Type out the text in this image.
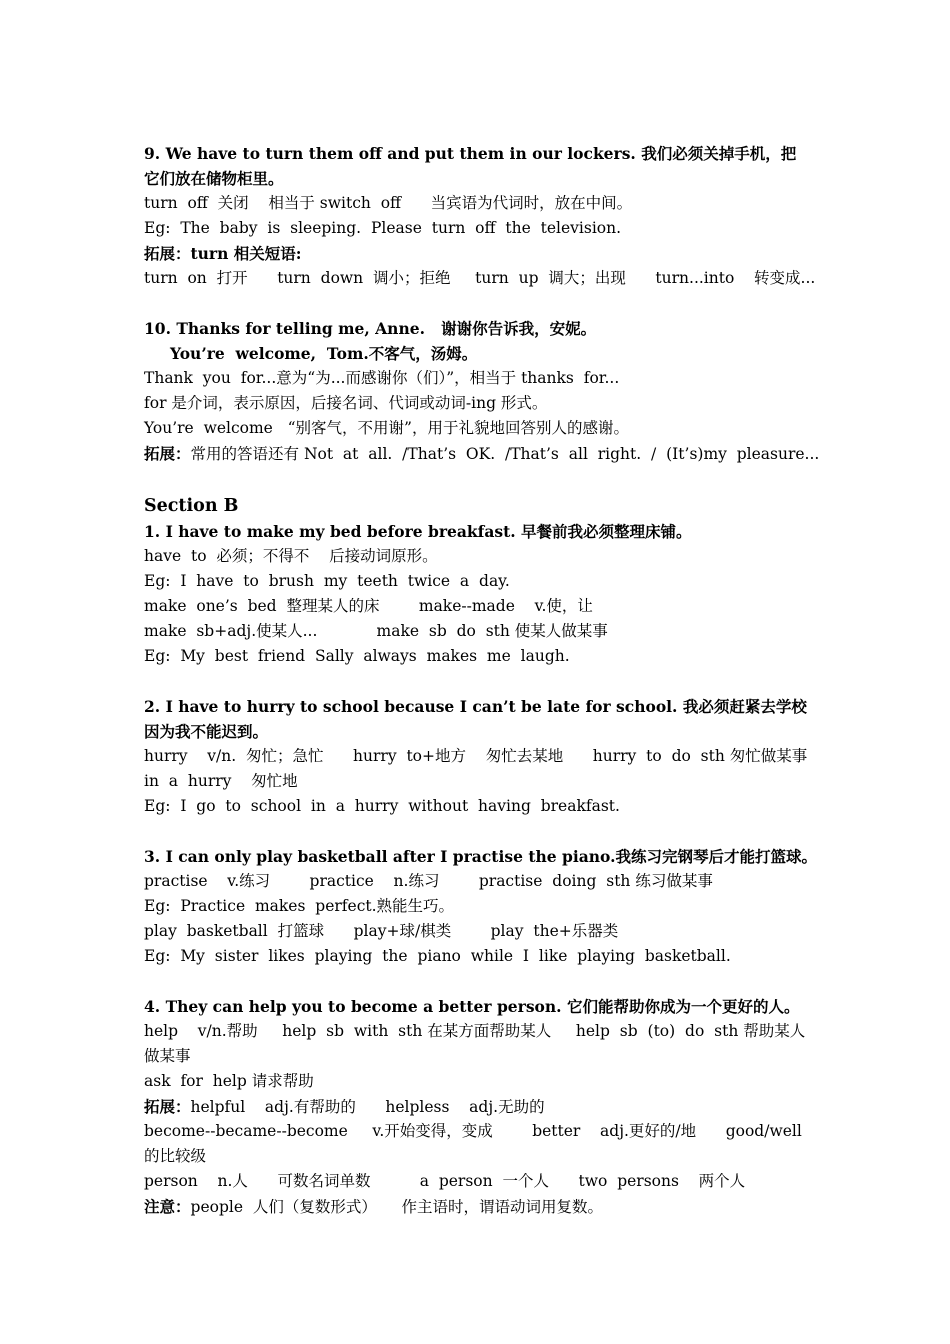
9. We have to turn them off and put them in our lockers. 我们必须关掉手机，把它们放在储物柜里。
turn  off  关闭    相当于 switch  off      当宾语为代词时，放在中间。
Eg:  The  baby  is  sleeping.  Please  turn  off  the  television.
拓展：turn 相关短语:
turn  on  打开      turn  down  调小；拒绝     turn  up  调大；出现      turn...into    转变成...
10. Thanks for telling me, Anne.   谢谢你告诉我，安妮。
You’re  welcome,  Tom.不客气，汤姆。
Thank  you  for...意为“为...而感谢你（们）”，相当于 thanks  for...
for 是介词，表示原因，后接名词、代词或动词-ing 形式。
You’re  welcome   “别客气，不用谢”，用于礼貌地回答别人的感谢。
拓展：常用的答语还有 Not  at  all.  /That’s  OK.  /That’s  all  right.  /  (It’s)my  pleasure...
Section B
1. I have to make my bed before breakfast. 早餐前我必须整理床铺。
have  to  必须；不得不    后接动词原形。
Eg:  I  have  to  brush  my  teeth  twice  a  day.
make  one’s  bed  整理某人的床        make--made    v.使，让
make  sb+adj.使某人...            make  sb  do  sth 使某人做某事
Eg:  My  best  friend  Sally  always  makes  me  laugh.
2. I have to hurry to school because I can’t be late for school. 我必须赶紧去学校因为我不能迟到。
hurry    v/n.  匆忙；急忙      hurry  to+地方    匆忙去某地      hurry  to  do  sth 匆忙做某事
in  a  hurry    匆忙地
Eg:  I  go  to  school  in  a  hurry  without  having  breakfast.
3. I can only play basketball after I practise the piano.我练习完钢琴后才能打篮球。
practise    v.练习        practice    n.练习        practise  doing  sth 练习做某事
Eg:  Practice  makes  perfect.熟能生巧。
play  basketball  打篮球      play+球/棋类        play  the+乐器类
Eg:  My  sister  likes  playing  the  piano  while  I  like  playing  basketball.
4. They can help you to become a better person. 它们能帮助你成为一个更好的人。
help    v/n.帮助     help  sb  with  sth 在某方面帮助某人     help  sb  (to)  do  sth 帮助某人做某事
ask  for  help 请求帮助
拓展：helpful    adj.有帮助的      helpless    adj.无助的
become--became--become     v.开始变得，变成        better    adj.更好的/地      good/well 的比较级
person    n.人      可数名词单数          a  person  一个人      two  persons    两个人
注意：people  人们（复数形式）     作主语时，谓语动词用复数。
